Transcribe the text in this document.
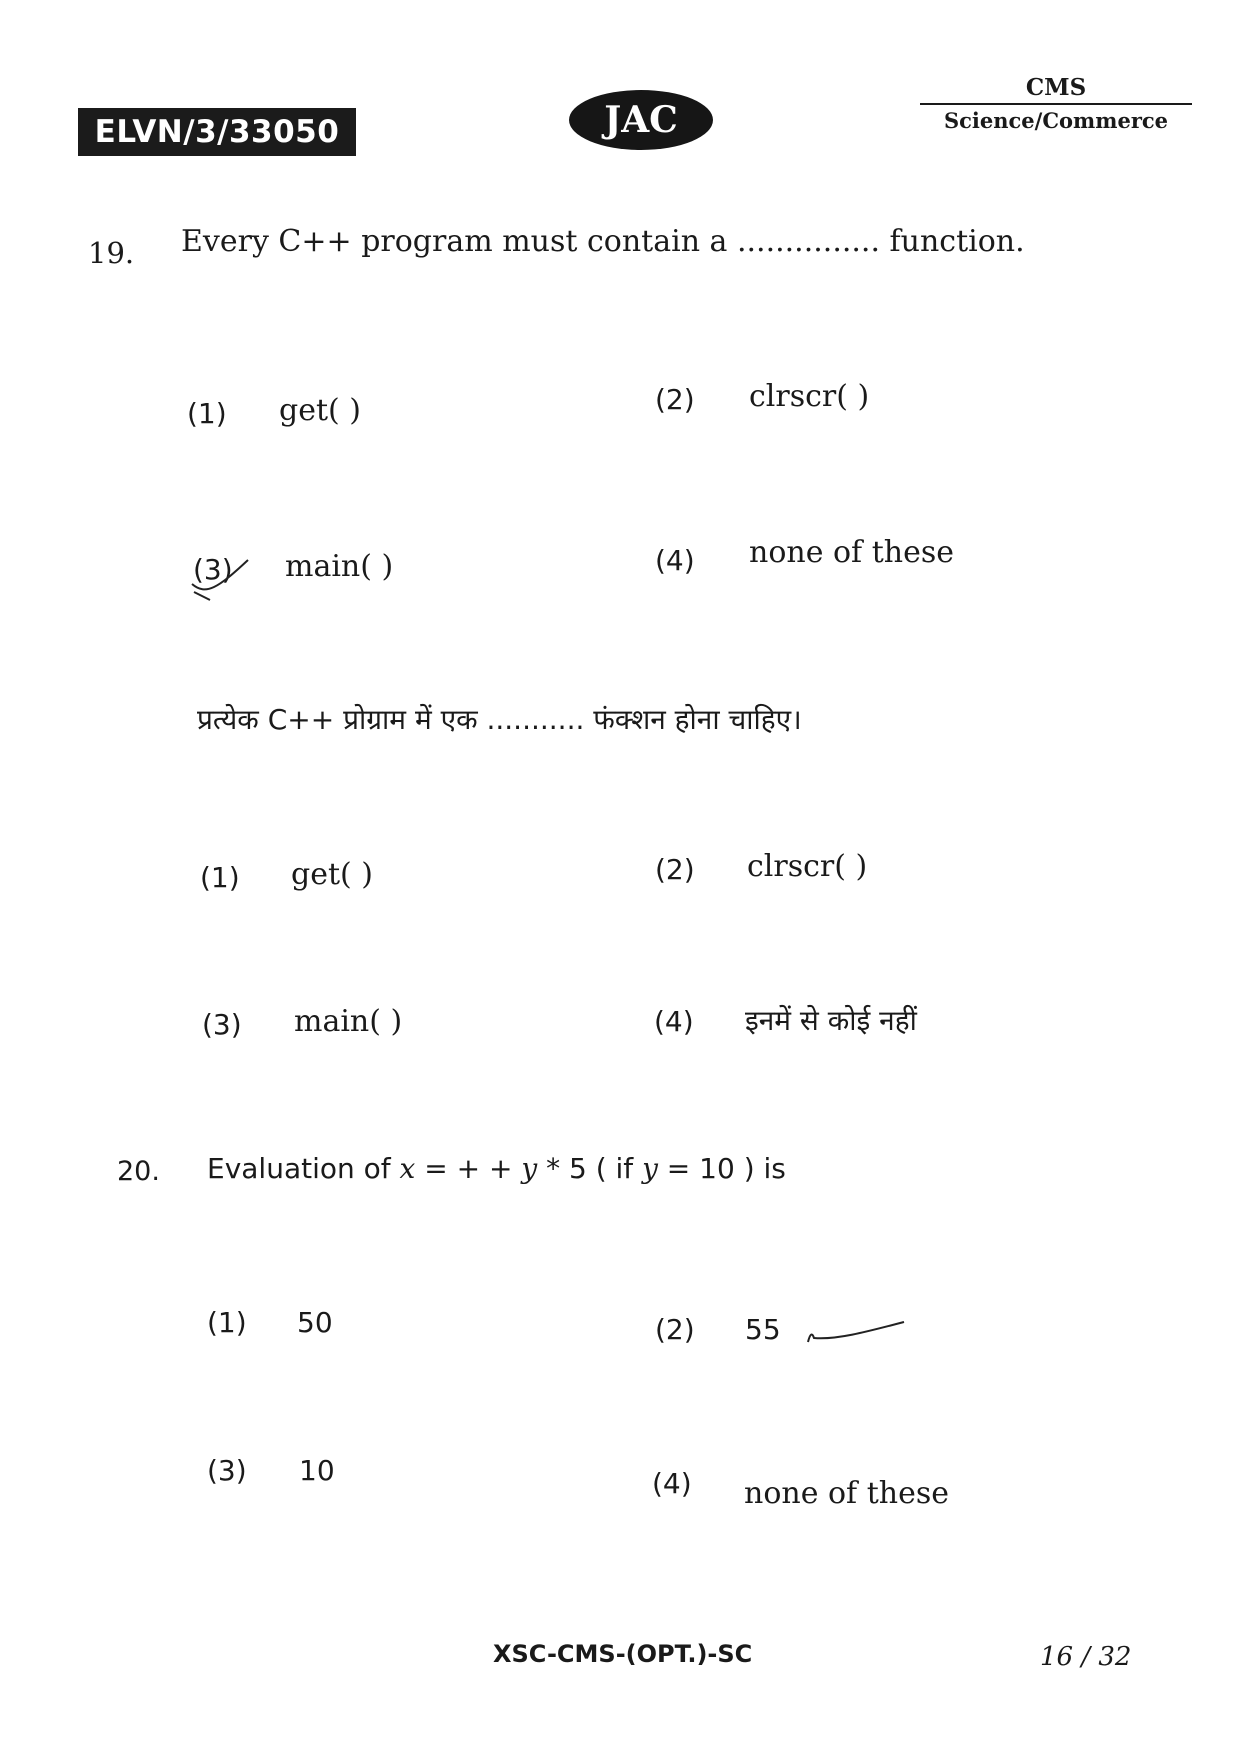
ELVN/3/33050	JAC
CMS
Science/Commerce
19. Every C++ program must contain a ............... function.
(1) get( )	(2) clrscr( )
(3) main( )	(4) none of these
प्रत्येक C++ प्रोग्राम में एक ........... फंक्शन होना चाहिए।
(1) get( )	(2) clrscr( )
(3) main( )	(4) इनमें से कोई नहीं
20. Evaluation of x = + + y * 5 ( if y = 10 ) is
(1) 50	(2) 55
(3) 10	(4) none of these
XSC-CMS-(OPT.)-SC	16 / 32
